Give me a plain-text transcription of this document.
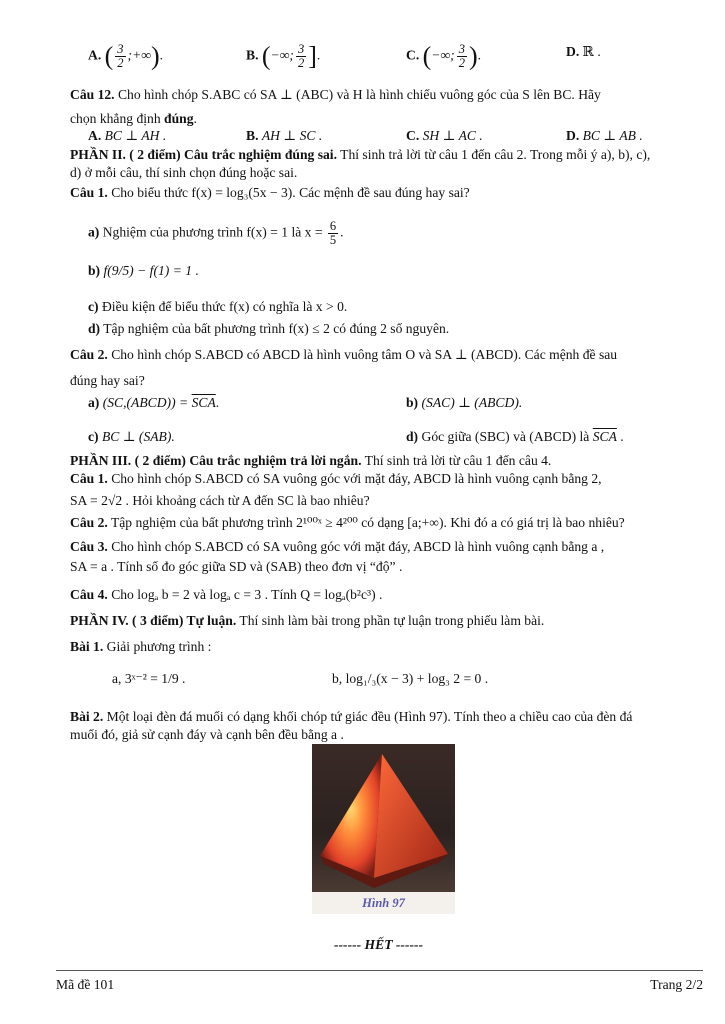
A. ( $\frac{3}{2}$ ;+∞).	B. (−∞; $\frac{3}{2}$ ].	C. (−∞; $\frac{3}{2}$ ).	D. ℝ .
Câu 12. Cho hình chóp S.ABC có SA ⊥ (ABC) và H là hình chiếu vuông góc của S lên BC. Hãy
chọn khẳng định đúng.
A. BC ⊥ AH .	B. AH ⊥ SC .	C. SH ⊥ AC .	D. BC ⊥ AB .
PHẦN II. ( 2 điểm) Câu trắc nghiệm đúng sai. Thí sinh trả lời từ câu 1 đến câu 2. Trong mỗi ý a), b), c),
d) ở mỗi câu, thí sinh chọn đúng hoặc sai.
Câu 1. Cho biểu thức f(x) = log₃(5x − 3). Các mệnh đề sau đúng hay sai?
a) Nghiệm của phương trình f(x) = 1 là $x = \frac{6}{5}$ .
b) f(9/5) − f(1) = 1 .
c) Điều kiện để biểu thức f(x) có nghĩa là x > 0.
d) Tập nghiệm của bất phương trình f(x) ≤ 2 có đúng 2 số nguyên.
Câu 2. Cho hình chóp S.ABCD có ABCD là hình vuông tâm O và SA ⊥ (ABCD). Các mệnh đề sau
đúng hay sai?
a) (SC,(ABCD)) = $\overline{SCA}$.	b) (SAC) ⊥ (ABCD).
c) BC ⊥ (SAB).	d) Góc giữa (SBC) và (ABCD) là $\overline{SCA}$ .
PHẦN III. ( 2 điểm) Câu trắc nghiệm trả lời ngắn. Thí sinh trả lời từ câu 1 đến câu 4.
Câu 1. Cho hình chóp S.ABCD có SA vuông góc với mặt đáy, ABCD là hình vuông cạnh bằng 2,
SA = 2√2 . Hỏi khoảng cách từ A đến SC là bao nhiêu?
Câu 2. Tập nghiệm của bất phương trình 2¹⁰⁰ˣ ≥ 4²⁰⁰ có dạng [a;+∞). Khi đó a có giá trị là bao nhiêu?
Câu 3. Cho hình chóp S.ABCD có SA vuông góc với mặt đáy, ABCD là hình vuông cạnh bằng a ,
SA = a . Tính số đo góc giữa SD và (SAB) theo đơn vị “độ” .
Câu 4. Cho logₐ b = 2 và logₐ c = 3 . Tính Q = logₐ(b²c³) .
PHẦN IV. ( 3 điểm) Tự luận. Thí sinh làm bài trong phần tự luận trong phiếu làm bài.
Bài 1. Giải phương trình :
a, 3ˣ⁻² = 1/9 .	b, log₁/₃(x − 3) + log₃ 2 = 0 .
Bài 2. Một loại đèn đá muối có dạng khối chóp tứ giác đều (Hình 97). Tính theo a chiều cao của đèn đá
muối đó, giả sử cạnh đáy và cạnh bên đều bằng a .
Hình 97
------ HẾT ------
Mã đề 101	Trang 2/2
